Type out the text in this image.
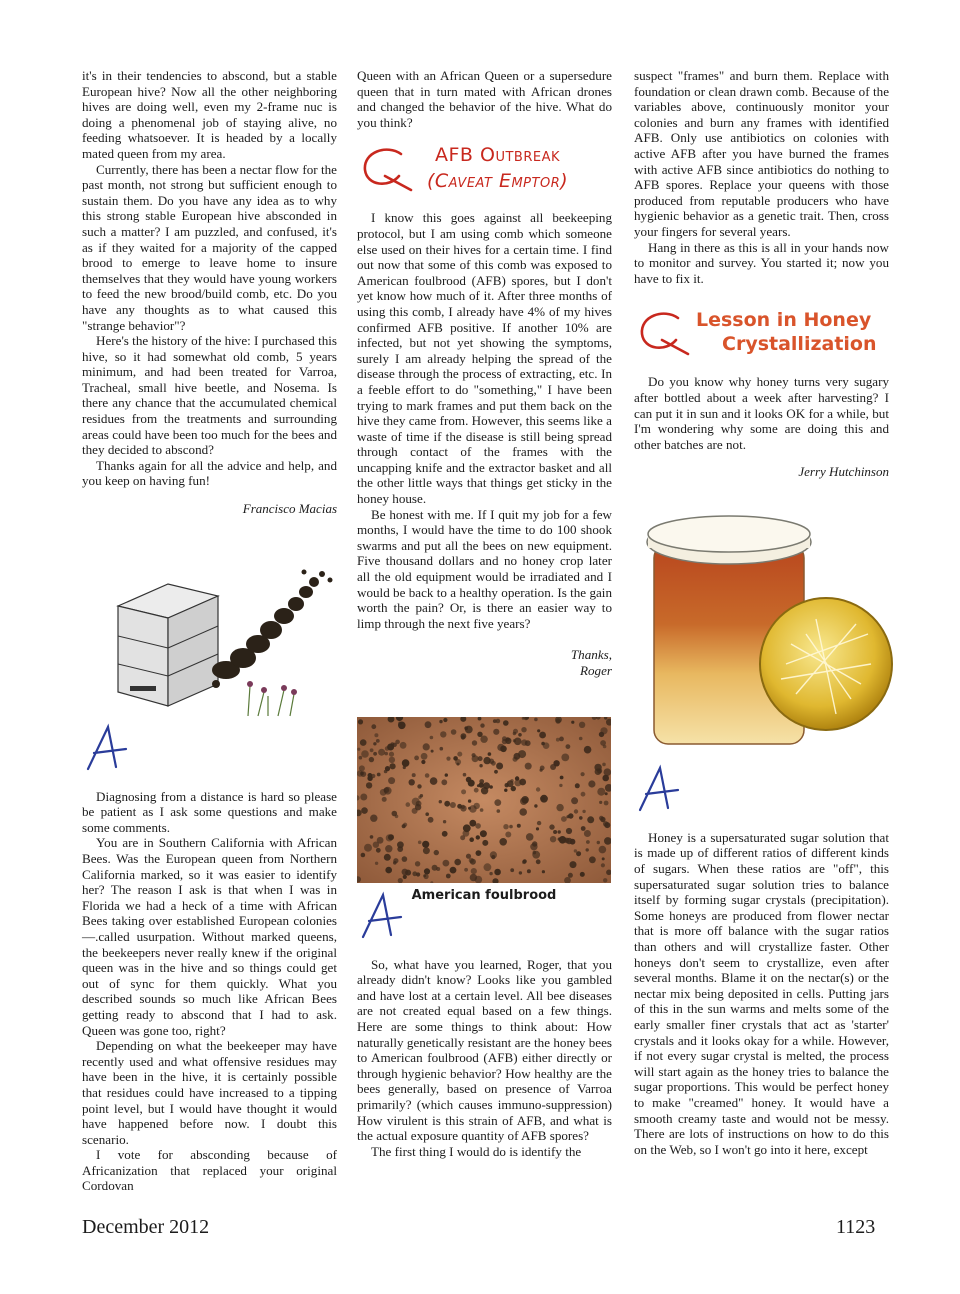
it's in their tendencies to abscond, but a stable European hive? Now all the other neighboring hives are doing well, even my 2-frame nuc is doing a phenomenal job of staying alive, no feeding whatsoever. It is headed by a locally mated queen from my area.

Currently, there has been a nectar flow for the past month, not strong but sufficient enough to sustain them. Do you have any idea as to why this strong stable European hive absconded in such a matter? I am puzzled, and confused, it's as if they waited for a majority of the capped brood to emerge to leave home to insure themselves that they would have young workers to feed the new brood/build comb, etc. Do you have any thoughts as to what caused this "strange behavior"?

Here's the history of the hive: I purchased this hive, so it had somewhat old comb, 5 years minimum, and had been treated for Varroa, Tracheal, small hive beetle, and Nosema. Is there any chance that the accumulated chemical residues from the treatments and surrounding areas could have been too much for the bees and they decided to abscond?

Thanks again for all the advice and help, and you keep on having fun!

Francisco Macias

Diagnosing from a distance is hard so please be patient as I ask some questions and make some comments.

You are in Southern California with African Bees. Was the European queen from Northern California marked, so it was easier to identify her? The reason I ask is that when I was in Florida we had a heck of a time with African Bees taking over established European colonies —.called usurpation. Without marked queens, the beekeepers never really knew if the original queen was in the hive and so things could get out of sync for them quickly. What you described sounds so much like African Bees getting ready to abscond that I had to ask. Queen was gone too, right?

Depending on what the beekeeper may have recently used and what offensive residues may have been in the hive, it is certainly possible that residues could have increased to a tipping point level, but I would have thought it would have happened before now. I doubt this scenario.

I vote for absconding because of Africanization that replaced your original Cordovan

Queen with an African Queen or a supersedure queen that in turn mated with African drones and changed the behavior of the hive. What do you think?

AFB Outbreak
(Caveat Emptor)

I know this goes against all beekeeping protocol, but I am using comb which someone else used on their hives for a certain time. I find out now that some of this comb was exposed to American foulbrood (AFB) spores, but I don't yet know how much of it. After three months of using this comb, I already have 4% of my hives confirmed AFB positive. If another 10% are infected, but not yet showing the symptoms, surely I am already helping the spread of the disease through the process of extracting, etc. In a feeble effort to do "something," I have been trying to mark frames and put them back on the hive they came from. However, this seems like a waste of time if the disease is still being spread through contact of the frames with the uncapping knife and the extractor basket and all the other little ways that things get sticky in the honey house.

Be honest with me. If I quit my job for a few months, I would have the time to do 100 shook swarms and put all the bees on new equipment. Five thousand dollars and no honey crop later all the old equipment would be irradiated and I would be back to a healthy operation. Is the gain worth the pain? Or, is there an easier way to limp through the next five years?

Thanks,
Roger

So, what have you learned, Roger, that you already didn't know? Looks like you gambled and have lost at a certain level. All bee diseases are not created equal based on a few things. Here are some things to think about: How naturally genetically resistant are the honey bees to American foulbrood (AFB) either directly or through hygienic behavior? How healthy are the bees generally, based on presence of Varroa primarily? (which causes immuno-suppression) How virulent is this strain of AFB, and what is the actual exposure quantity of AFB spores?

The first thing I would do is identify the

American foulbrood

suspect "frames" and burn them. Replace with foundation or clean drawn comb. Because of the variables above, continuously monitor your colonies and burn any frames with identified AFB. Only use antibiotics on colonies with active AFB after you have burned the frames with active AFB since antibiotics do nothing to AFB spores. Replace your queens with those produced from reputable producers who have hygienic behavior as a genetic trait. Then, cross your fingers for several years.

Hang in there as this is all in your hands now to monitor and survey. You started it; now you have to fix it.

Lesson in Honey
Crystallization

Do you know why honey turns very sugary after bottled about a week after harvesting? I can put it in sun and it looks OK for a while, but I'm wondering why some are doing this and other batches are not.

Jerry Hutchinson

Honey is a supersaturated sugar solution that is made up of different ratios of different kinds of sugars. When these ratios are "off", this supersaturated sugar solution tries to balance itself by forming sugar crystals (precipitation). Some honeys are produced from flower nectar that is more off balance with the sugar ratios than others and will crystallize faster. Other honeys don't seem to crystallize, even after several months. Blame it on the nectar(s) or the nectar mix being deposited in cells. Putting jars of this in the sun warms and melts some of the early smaller finer crystals that act as 'starter' crystals and it looks okay for a while. However, if not every sugar crystal is melted, the process will start again as the honey tries to balance the sugar proportions. This would be perfect honey to make "creamed" honey. It would have a smooth creamy taste and would not be messy. There are lots of instructions on how to do this on the Web, so I won't go into it here, except

December 2012	1123
